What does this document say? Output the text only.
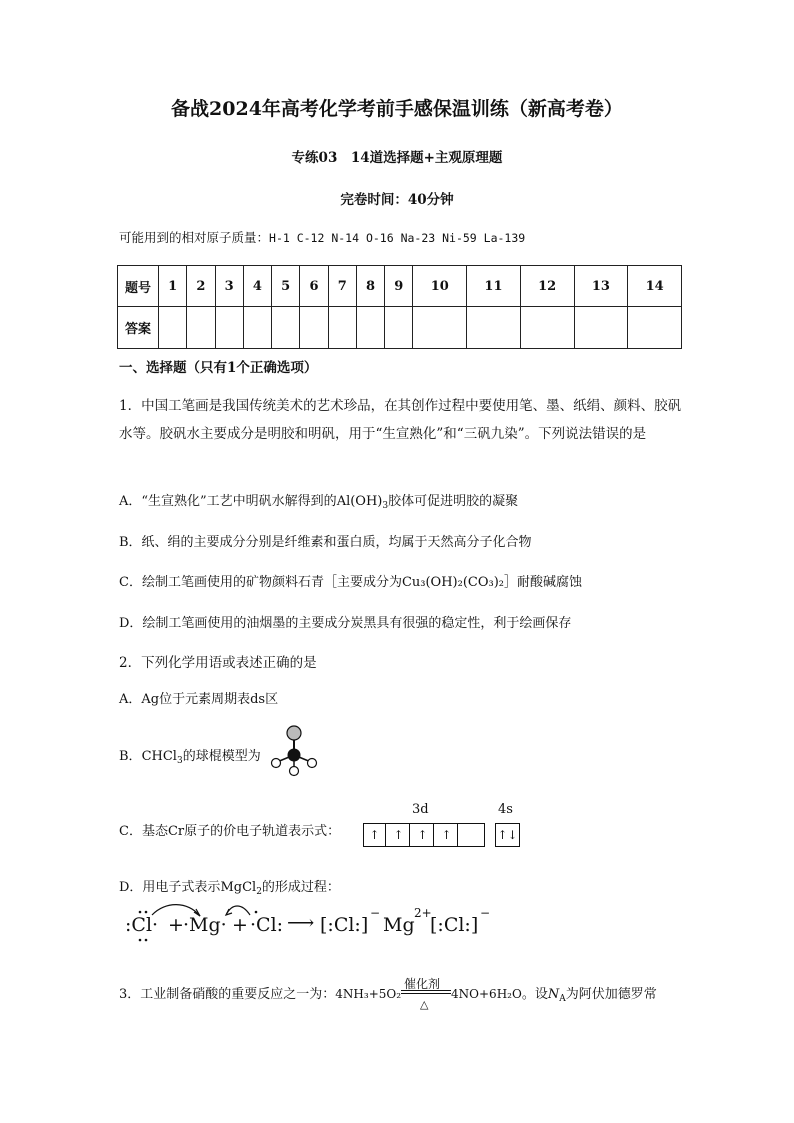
备战2024年高考化学考前手感保温训练（新高考卷）
专练03　14道选择题+主观原理题
完卷时间：40分钟
可能用到的相对原子质量：H-1 C-12 N-14 O-16 Na-23 Ni-59 La-139
题号	1	2	3	4	5	6	7	8	9	10	11	12	13	14
答案														
一、选择题（只有1个正确选项）
1．中国工笔画是我国传统美术的艺术珍品，在其创作过程中要使用笔、墨、纸绢、颜料、胶矾水等。胶矾水主要成分是明胶和明矾，用于“生宣熟化”和“三矾九染”。下列说法错误的是
A．“生宣熟化”工艺中明矾水解得到的$Al(OH)_3$胶体可促进明胶的凝聚
B．纸、绢的主要成分分别是纤维素和蛋白质，均属于天然高分子化合物
C．绘制工笔画使用的矿物颜料石青［主要成分为Cu₃(OH)₂(CO₃)₂］耐酸碱腐蚀
D．绘制工笔画使用的油烟墨的主要成分炭黑具有很强的稳定性，利于绘画保存
2．下列化学用语或表述正确的是
A．Ag位于元素周期表ds区
B．CHCl$_3$的球棍模型为
C．基态Cr原子的价电子轨道表示式：
3d	4s
↑	↑	↑	↑	↑↓
D．用电子式表示MgCl$_2$的形成过程：
:Cl· + ·Mg· + ·Cl: ⟶ [:Cl:]
−
Mg
2+
[:Cl:]
−
3．工业制备硝酸的重要反应之一为：4NH₃+5O₂
催化剂
△
4NO+6H₂O。设$N_A$为阿伏加德罗常
